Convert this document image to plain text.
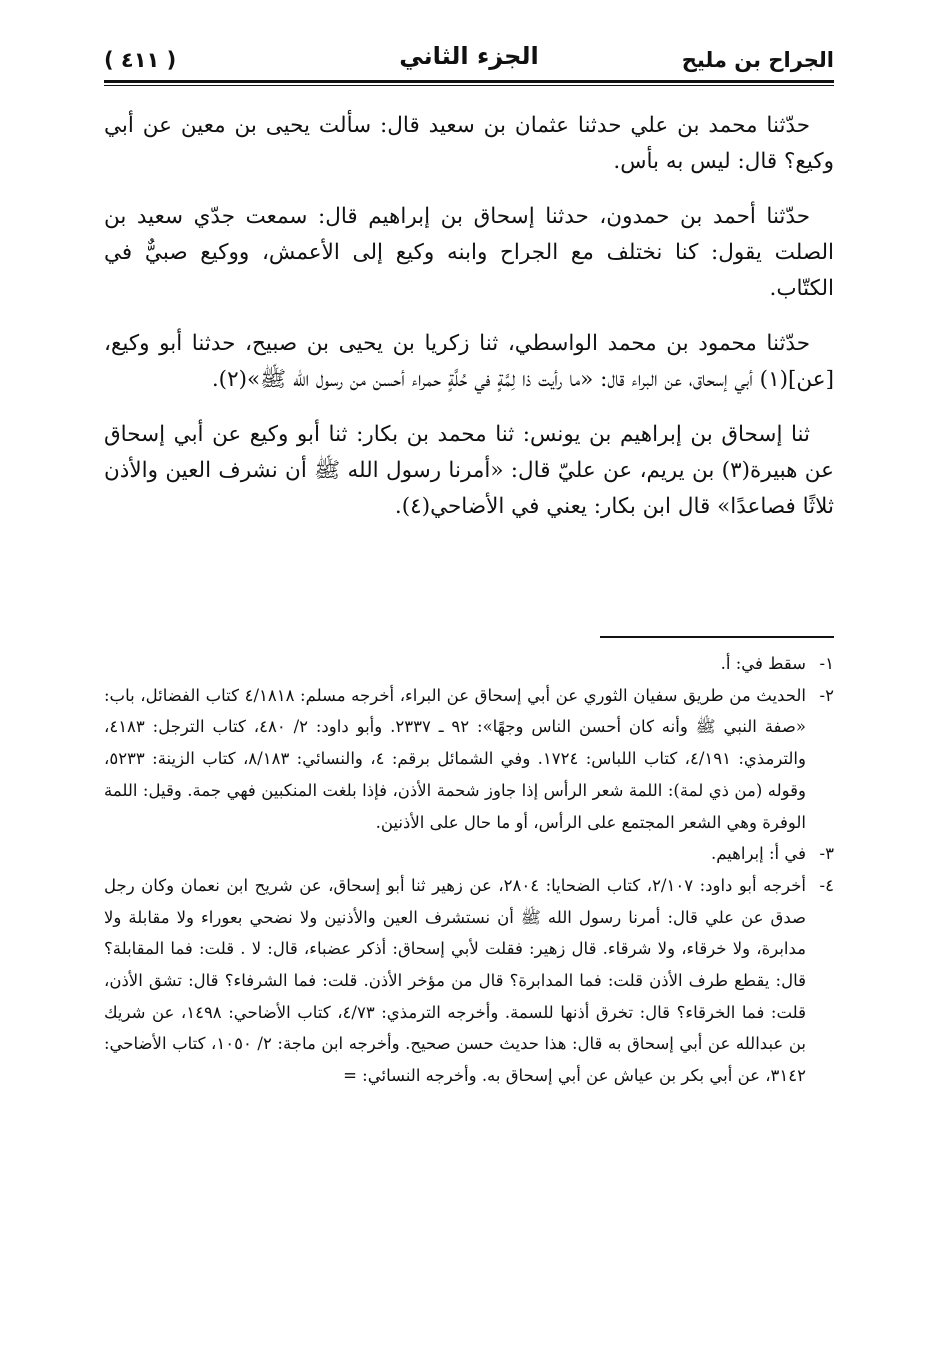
الجراح بن مليح
الجزء الثاني
( ٤١١ )

حدّثنا محمد بن علي حدثنا عثمان بن سعيد قال: سألت يحيى بن معين عن أبي وكيع؟ قال: ليس به بأس.

حدّثنا أحمد بن حمدون، حدثنا إسحاق بن إبراهيم قال: سمعت جدّي سعيد بن الصلت يقول: كنا نختلف مع الجراح وابنه وكيع إلى الأعمش، ووكيع صبيٌّ في الكتّاب.

حدّثنا محمود بن محمد الواسطي، ثنا زكريا بن يحيى بن صبيح، حدثنا أبو وكيع، [عن](١) أبي إسحاق، عن البراء قال: «ما رأيت ذا لِمَّةٍ في حُلَّةٍ حمراء أحسن من رسول الله ﷺ»(٢).

ثنا إسحاق بن إبراهيم بن يونس: ثنا محمد بن بكار: ثنا أبو وكيع عن أبي إسحاق عن هبيرة(٣) بن يريم، عن عليّ قال: «أمرنا رسول الله ﷺ أن نشرف العين والأذن ثلاثًا فصاعدًا» قال ابن بكار: يعني في الأضاحي(٤).

١-
سقط في: أ.
٢-
الحديث من طريق سفيان الثوري عن أبي إسحاق عن البراء، أخرجه مسلم: ٤/١٨١٨ كتاب الفضائل، باب: «صفة النبي ﷺ وأنه كان أحسن الناس وجهًا»: ٩٢ ـ ٢٣٣٧. وأبو داود: ٢/ ٤٨٠، كتاب الترجل: ٤١٨٣، والترمذي: ٤/١٩١، كتاب اللباس: ١٧٢٤. وفي الشمائل برقم: ٤، والنسائي: ٨/١٨٣، كتاب الزينة: ٥٢٣٣، وقوله (من ذي لمة): اللمة شعر الرأس إذا جاوز شحمة الأذن، فإذا بلغت المنكبين فهي جمة. وقيل: اللمة الوفرة وهي الشعر المجتمع على الرأس، أو ما حال على الأذنين.
٣-
في أ: إبراهيم.
٤-
أخرجه أبو داود: ٢/١٠٧، كتاب الضحايا: ٢٨٠٤، عن زهير ثنا أبو إسحاق، عن شريح ابن نعمان وكان رجل صدق عن علي قال: أمرنا رسول الله ﷺ أن نستشرف العين والأذنين ولا نضحي بعوراء ولا مقابلة ولا مدابرة، ولا خرقاء، ولا شرقاء. قال زهير: فقلت لأبي إسحاق: أذكر عضباء، قال: لا . قلت: فما المقابلة؟ قال: يقطع طرف الأذن قلت: فما المدابرة؟ قال من مؤخر الأذن. قلت: فما الشرفاء؟ قال: تشق الأذن، قلت: فما الخرقاء؟ قال: تخرق أذنها للسمة. وأخرجه الترمذي: ٤/٧٣، كتاب الأضاحي: ١٤٩٨، عن شريك بن عبدالله عن أبي إسحاق به قال: هذا حديث حسن صحيح. وأخرجه ابن ماجة: ٢/ ١٠٥٠، كتاب الأضاحي: ٣١٤٢، عن أبي بكر بن عياش عن أبي إسحاق به. وأخرجه النسائي: =
